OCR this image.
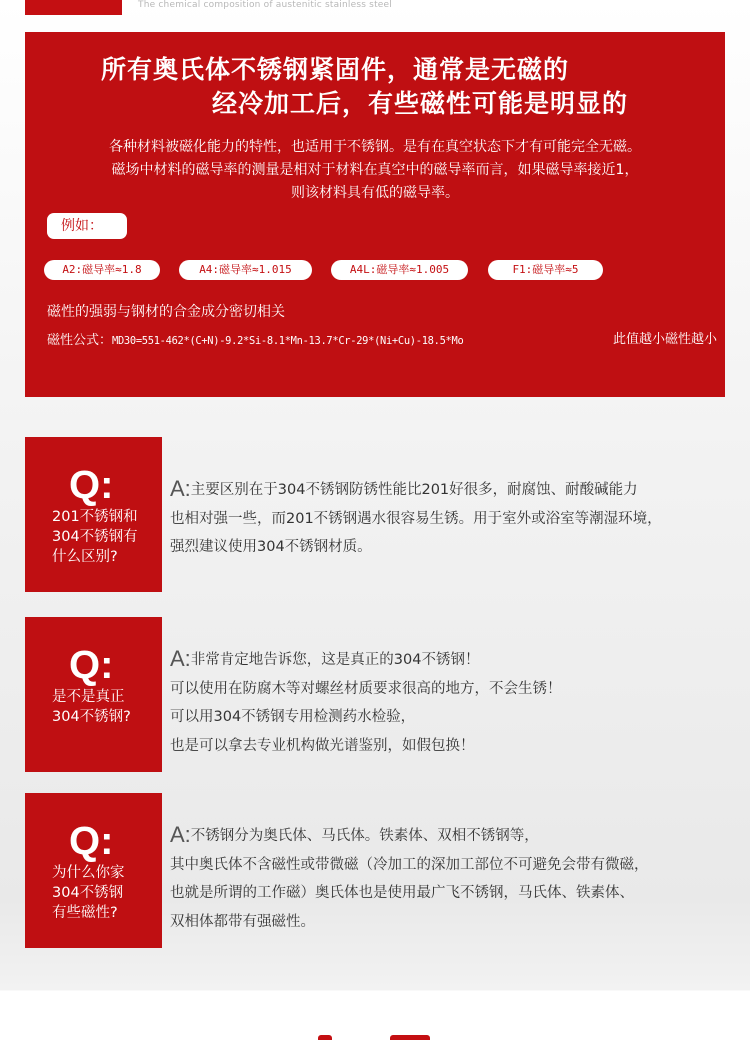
The chemical composition of austenitic stainless steel
所有奥氏体不锈钢紧固件，通常是无磁的
经冷加工后，有些磁性可能是明显的
各种材料被磁化能力的特性，也适用于不锈钢。是有在真空状态下才有可能完全无磁。
磁场中材料的磁导率的测量是相对于材料在真空中的磁导率而言，如果磁导率接近1，
则该材料具有低的磁导率。
例如：
A2:磁导率≈1.8	A4:磁导率≈1.015	A4L:磁导率≈1.005	F1:磁导率≈5
磁性的强弱与钢材的合金成分密切相关
磁性公式：MD30=551-462*(C+N)-9.2*Si-8.1*Mn-13.7*Cr-29*(Ni+Cu)-18.5*Mo	此值越小磁性越小
Q:
201不锈钢和
304不锈钢有
什么区别?
A:主要区别在于304不锈钢防锈性能比201好很多，耐腐蚀、耐酸碱能力
也相对强一些，而201不锈钢遇水很容易生锈。用于室外或浴室等潮湿环境，
强烈建议使用304不锈钢材质。
Q:
是不是真正
304不锈钢?
A:非常肯定地告诉您，这是真正的304不锈钢！
可以使用在防腐木等对螺丝材质要求很高的地方，不会生锈！
可以用304不锈钢专用检测药水检验，
也是可以拿去专业机构做光谱鉴别，如假包换！
Q:
为什么你家
304不锈钢
有些磁性?
A:不锈钢分为奥氏体、马氏体。铁素体、双相不锈钢等，
其中奥氏体不含磁性或带微磁（冷加工的深加工部位不可避免会带有微磁，
也就是所谓的工作磁）奥氏体也是使用最广飞不锈钢，马氏体、铁素体、
双相体都带有强磁性。
